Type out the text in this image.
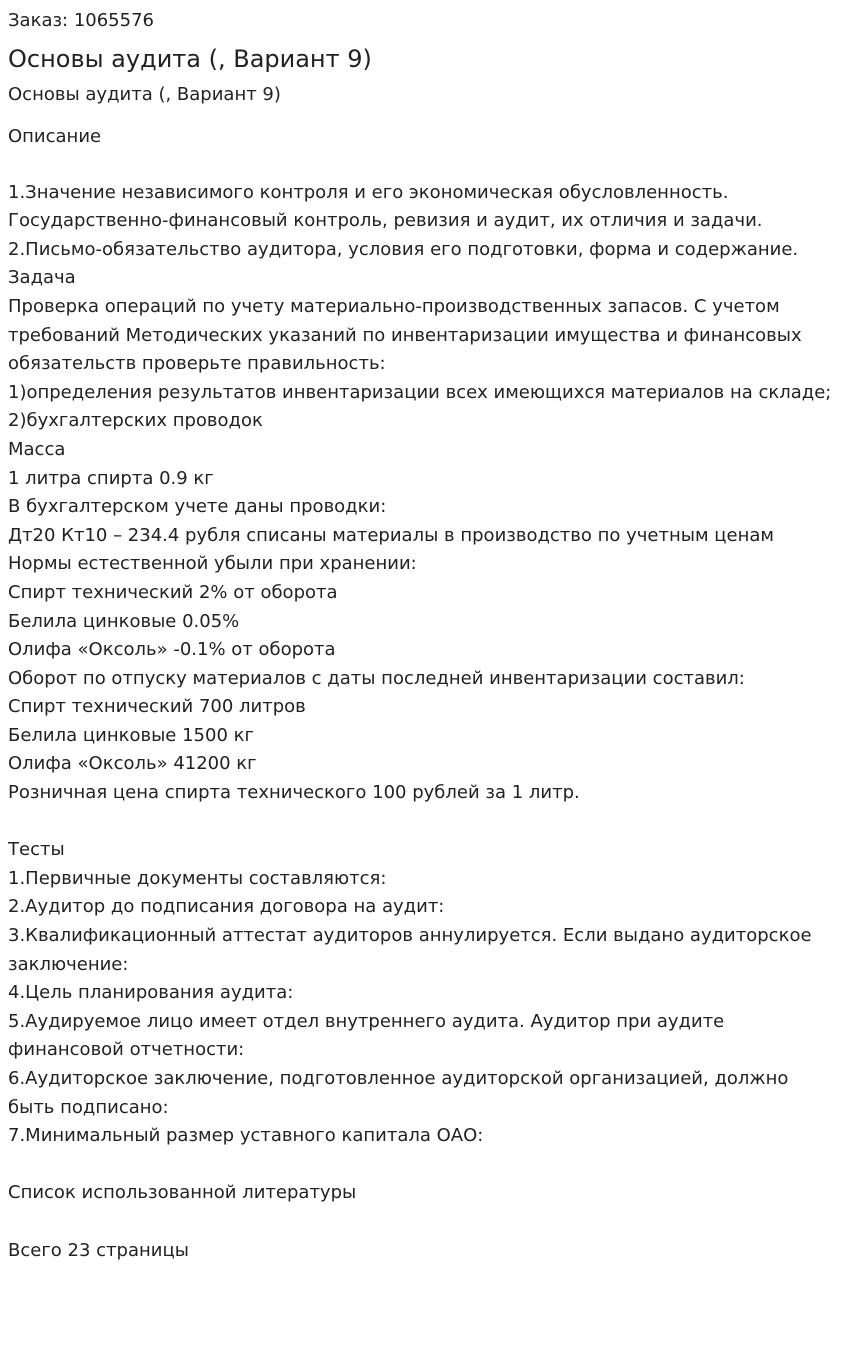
Заказ: 1065576
Основы аудита (, Вариант 9)
Основы аудита (, Вариант 9)
Описание

1.Значение независимого контроля и его экономическая обусловленность. Государственно-финансовый контроль, ревизия и аудит, их отличия и задачи.
2.Письмо-обязательство аудитора, условия его подготовки, форма и содержание.
Задача
Проверка операций по учету материально-производственных запасов. С учетом требований Методических указаний по инвентаризации имущества и финансовых обязательств проверьте правильность:
1)определения результатов инвентаризации всех имеющихся материалов на складе;
2)бухгалтерских проводок
Масса
1 литра спирта 0.9 кг
В бухгалтерском учете даны проводки:
Дт20 Кт10 – 234.4 рубля списаны материалы в производство по учетным ценам
Нормы естественной убыли при хранении:
Спирт технический 2% от оборота
Белила цинковые 0.05%
Олифа «Оксоль» -0.1% от оборота
Оборот по отпуску материалов с даты последней инвентаризации составил:
Спирт технический 700 литров
Белила цинковые 1500 кг
Олифа «Оксоль» 41200 кг
Розничная цена спирта технического 100 рублей за 1 литр.

Тесты
1.Первичные документы составляются:
2.Аудитор до подписания договора на аудит:
3.Квалификационный аттестат аудиторов аннулируется. Если выдано аудиторское заключение:
4.Цель планирования аудита:
5.Аудируемое лицо имеет отдел внутреннего аудита. Аудитор при аудите финансовой отчетности:
6.Аудиторское заключение, подготовленное аудиторской организацией, должно быть подписано:
7.Минимальный размер уставного капитала ОАО:

Список использованной литературы

Всего 23 страницы
